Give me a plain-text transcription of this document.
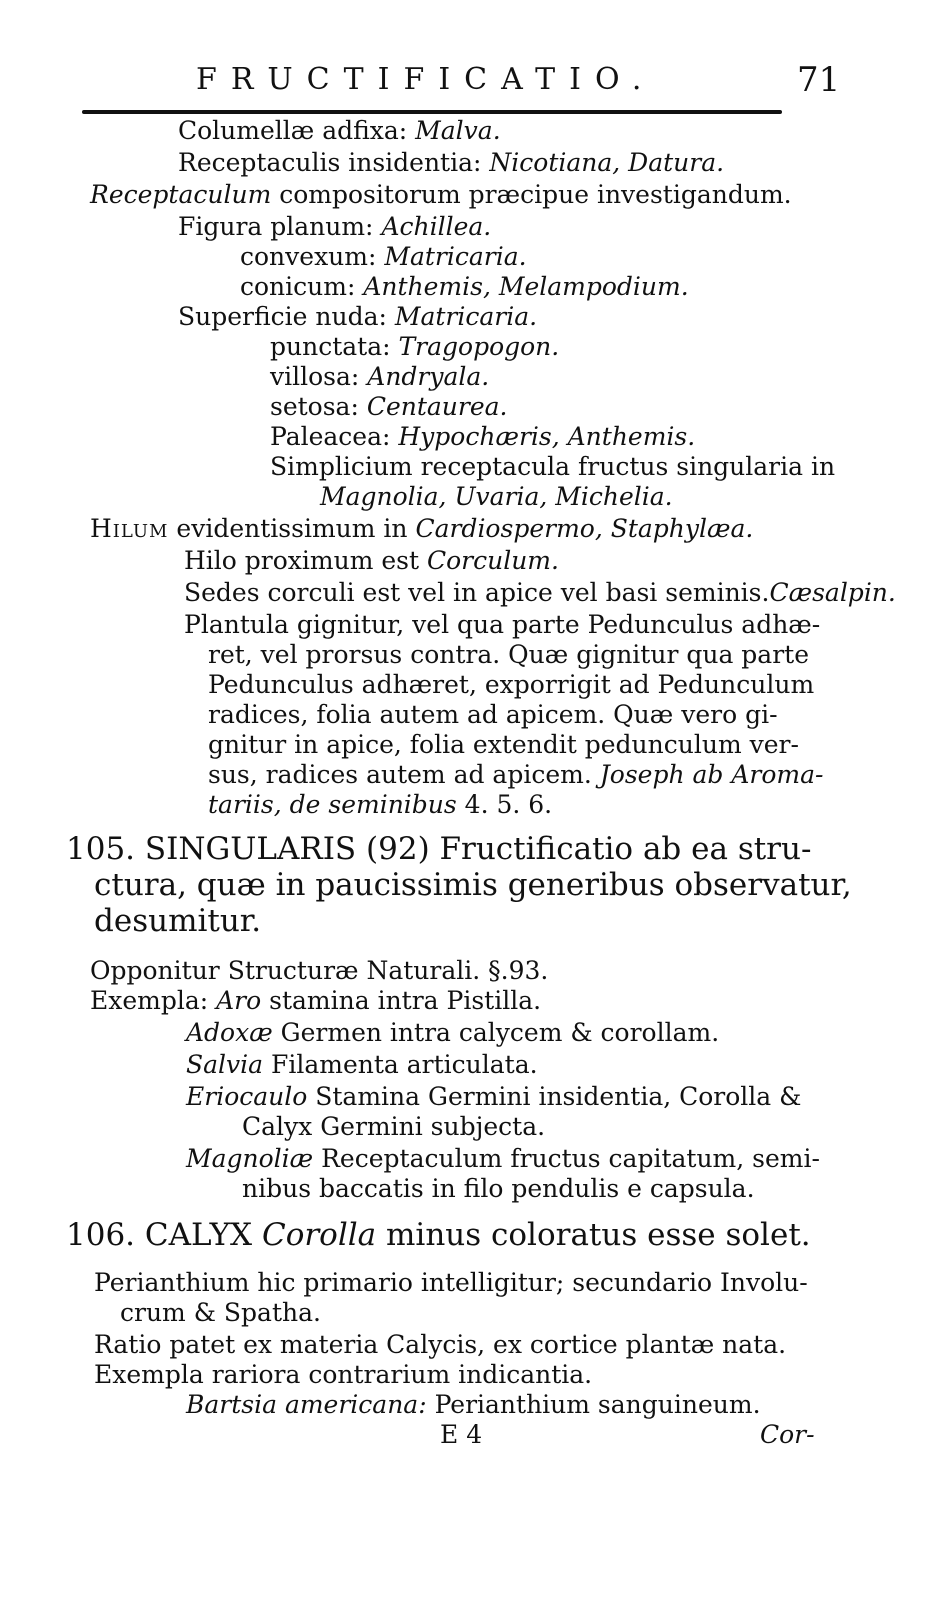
FRUCTIFICATIO.	71
Columellæ adfixa: Malva.
Receptaculis insidentia: Nicotiana, Datura.
Receptaculum compositorum præcipue investigandum.
Figura planum: Achillea.
convexum: Matricaria.
conicum: Anthemis, Melampodium.
Superficie nuda: Matricaria.
punctata: Tragopogon.
villosa: Andryala.
setosa: Centaurea.
Paleacea: Hypochæris, Anthemis.
Simplicium receptacula fructus singularia in
Magnolia, Uvaria, Michelia.
Hilum evidentissimum in Cardiospermo, Staphylæa.
Hilo proximum est Corculum.
Sedes corculi est vel in apice vel basi seminis.Cæsalpin.
Plantula gignitur, vel qua parte Pedunculus adhæ-
ret, vel prorsus contra. Quæ gignitur qua parte
Pedunculus adhæret, exporrigit ad Pedunculum
radices, folia autem ad apicem. Quæ vero gi-
gnitur in apice, folia extendit pedunculum ver-
sus, radices autem ad apicem. Joseph ab Aroma-
tariis, de seminibus 4. 5. 6.
105. SINGULARIS (92) Fructificatio ab ea stru-
ctura, quæ in paucissimis generibus observatur,
desumitur.
Opponitur Structuræ Naturali. §.93.
Exempla: Aro stamina intra Pistilla.
Adoxæ Germen intra calycem & corollam.
Salvia Filamenta articulata.
Eriocaulo Stamina Germini insidentia, Corolla &
Calyx Germini subjecta.
Magnoliæ Receptaculum fructus capitatum, semi-
nibus baccatis in filo pendulis e capsula.
106. CALYX Corolla minus coloratus esse solet.
Perianthium hic primario intelligitur; secundario Involu-
crum & Spatha.
Ratio patet ex materia Calycis, ex cortice plantæ nata.
Exempla rariora contrarium indicantia.
Bartsia americana: Perianthium sanguineum.
E 4	Cor-
